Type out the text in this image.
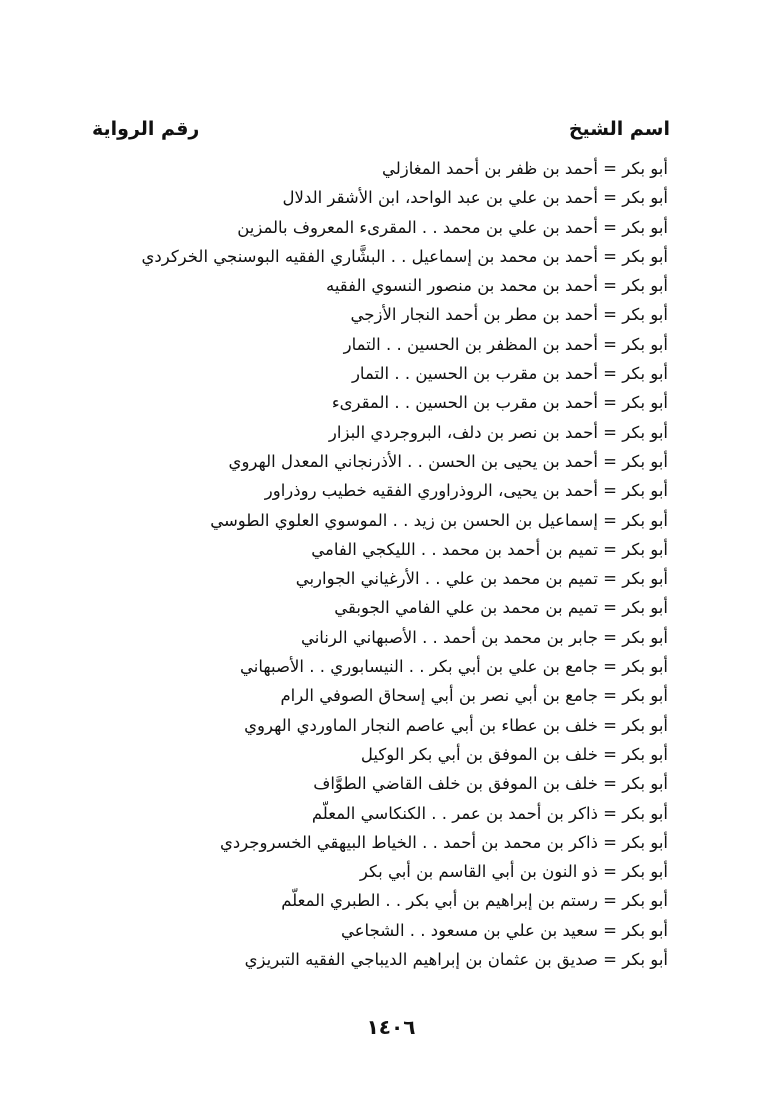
اسم الشيخ
رقم الرواية
أبو بكر = أحمد بن ظفر بن أحمد المغازلي
أبو بكر = أحمد بن علي بن عبد الواحد، ابن الأشقر الدلال
أبو بكر = أحمد بن علي بن محمد . . المقرىء المعروف بالمزين
أبو بكر = أحمد بن محمد بن إسماعيل . . البشَّاري الفقيه البوسنجي الخركردي
أبو بكر = أحمد بن محمد بن منصور النسوي الفقيه
أبو بكر = أحمد بن مطر بن أحمد النجار الأزجي
أبو بكر = أحمد بن المظفر بن الحسين . . التمار
أبو بكر = أحمد بن مقرب بن الحسين . . التمار
أبو بكر = أحمد بن مقرب بن الحسين . . المقرىء
أبو بكر = أحمد بن نصر بن دلف، البروجردي البزار
أبو بكر = أحمد بن يحيى بن الحسن . . الأذرنجاني المعدل الهروي
أبو بكر = أحمد بن يحيى، الروذراوري الفقيه خطيب روذراور
أبو بكر = إسماعيل بن الحسن بن زيد . . الموسوي العلوي الطوسي
أبو بكر = تميم بن أحمد بن محمد . . الليكجي الفامي
أبو بكر = تميم بن محمد بن علي . . الأرغياني الجواربي
أبو بكر = تميم بن محمد بن علي الفامي الجوبقي
أبو بكر = جابر بن محمد بن أحمد . . الأصبهاني الرناني
أبو بكر = جامع بن علي بن أبي بكر . . النيسابوري . . الأصبهاني
أبو بكر = جامع بن أبي نصر بن أبي إسحاق الصوفي الرام
أبو بكر = خلف بن عطاء بن أبي عاصم النجار الماوردي الهروي
أبو بكر = خلف بن الموفق بن أبي بكر الوكيل
أبو بكر = خلف بن الموفق بن خلف القاضي الطوَّاف
أبو بكر = ذاكر بن أحمد بن عمر . . الكنكاسي المعلّم
أبو بكر = ذاكر بن محمد بن أحمد . . الخياط البيهقي الخسروجردي
أبو بكر = ذو النون بن أبي القاسم بن أبي بكر
أبو بكر = رستم بن إبراهيم بن أبي بكر . . الطبري المعلّم
أبو بكر = سعيد بن علي بن مسعود . . الشجاعي
أبو بكر = صديق بن عثمان بن إبراهيم الديباجي الفقيه التبريزي
١٤٠٦
